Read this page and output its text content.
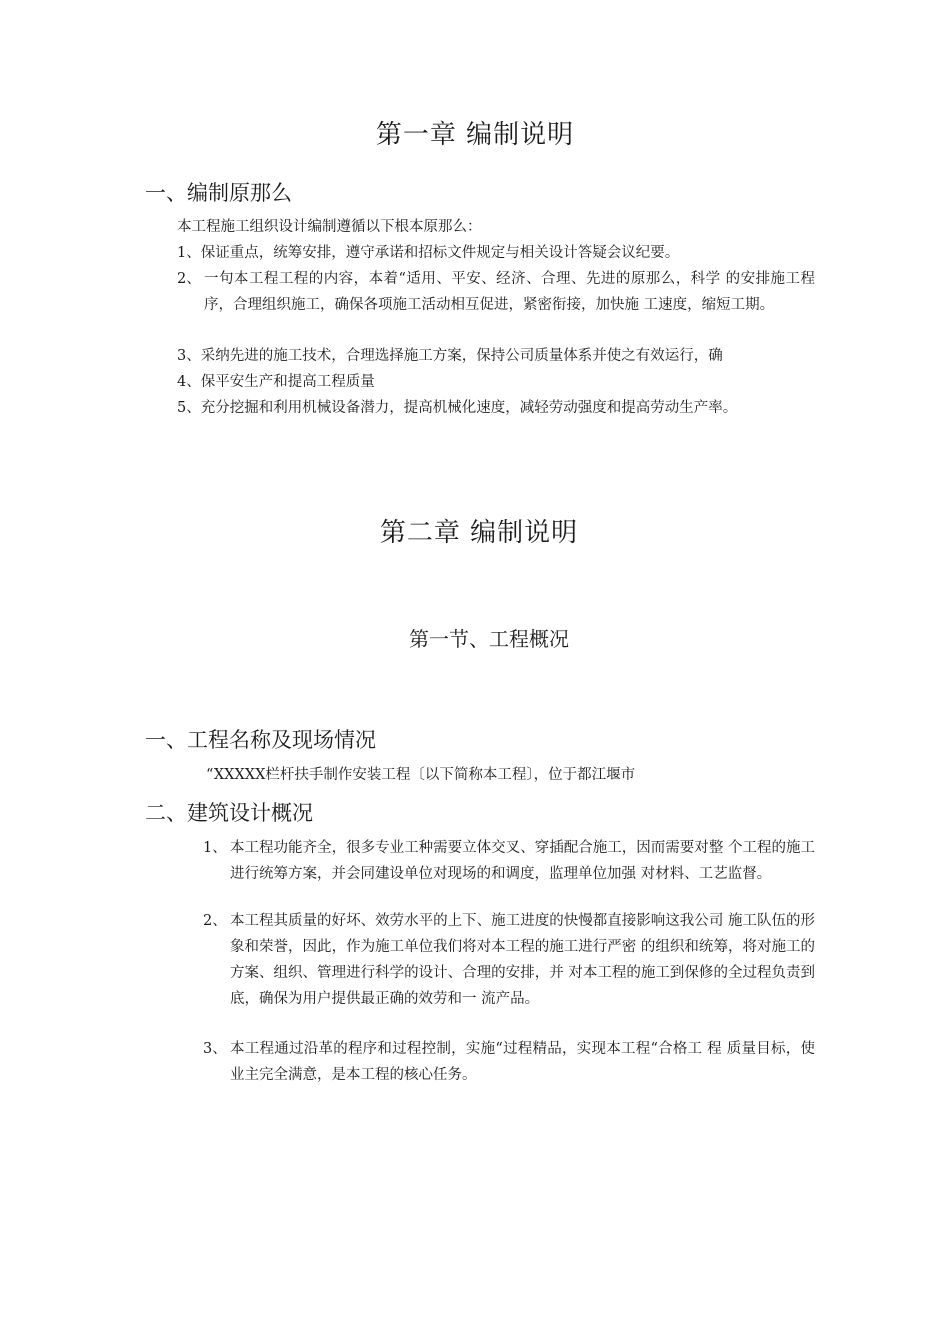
第一章 编制说明
一、编制原那么
本工程施工组织设计编制遵循以下根本原那么：
1、保证重点，统筹安排，遵守承诺和招标文件规定与相关设计答疑会议纪要。
2、 一句本工程工程的内容，本着“适用、平安、经济、合理、先进的原那么，科学 的安排施工程序，合理组织施工，确保各项施工活动相互促进，紧密衔接，加快施 工速度，缩短工期。
3、采纳先进的施工技术，合理选择施工方案，保持公司质量体系并使之有效运行，确
4、保平安生产和提高工程质量
5、充分挖掘和利用机械设备潜力，提高机械化速度，减轻劳动强度和提高劳动生产率。
第二章 编制说明
第一节、工程概况
一、工程名称及现场情况
“XXXXX栏杆扶手制作安装工程〔以下简称本工程〕，位于都江堰市
二、建筑设计概况
1、 本工程功能齐全，很多专业工种需要立体交叉、穿插配合施工，因而需要对整 个工程的施工进行统筹方案，并会同建设单位对现场的和调度，监理单位加强 对材料、工艺监督。
2、 本工程其质量的好坏、效劳水平的上下、施工进度的快慢都直接影响这我公司 施工队伍的形象和荣誉，因此，作为施工单位我们将对本工程的施工进行严密 的组织和统筹，将对施工的方案、组织、管理进行科学的设计、合理的安排，并 对本工程的施工到保修的全过程负责到底，确保为用户提供最正确的效劳和一 流产品。
3、 本工程通过沿革的程序和过程控制，实施“过程精品，实现本工程“合格工 程 质量目标，使业主完全满意，是本工程的核心任务。
